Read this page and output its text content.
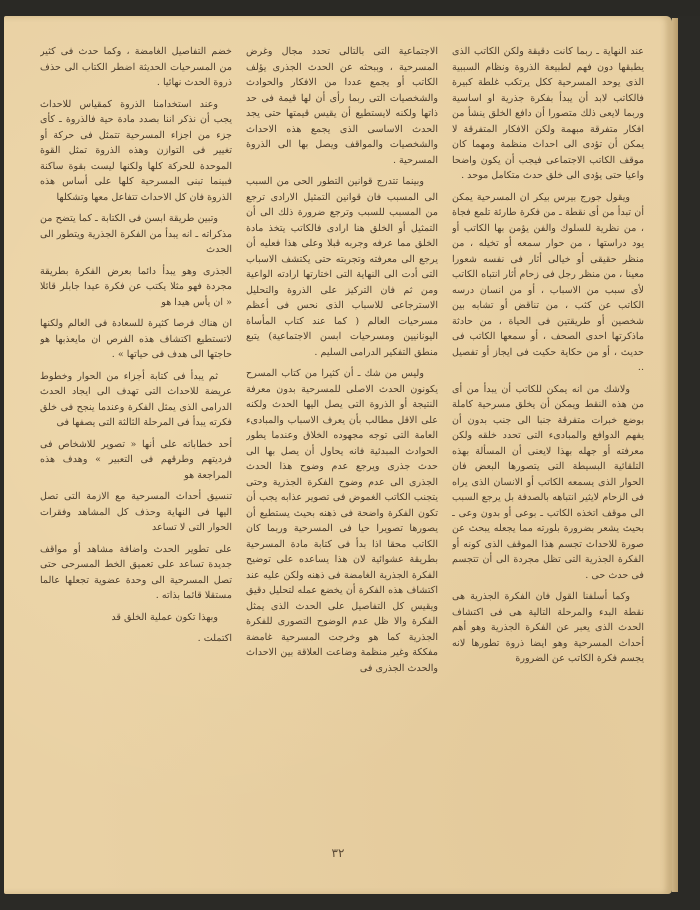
عند النهاية ـ ربما كانت دقيقة ولكن الكاتب الذى يطبقها دون فهم لطبيعة الذروة ونظام السببية الذى يوحد المسرحية ككل يرتكب غلطة كبيرة فالكاتب لابد أن يبدأ بفكرة جذرية او اساسية وربما لايعى ذلك متصورا أن دافع الخلق ينشأ من افكار متفرقة مبهمة ولكن الافكار المتفرقة لا يمكن أن تؤدى الى احداث منظمة ومهما كان موقف الكاتب الاجتماعى فيجب أن يكون واضحا واعيا حتى يؤدى الى خلق حدث متكامل موحد .

ويقول جورج بيرس بيكر ان المسرحية يمكن أن تبدأ من أى نقطة ـ من فكرة طارئة تلمع فجاة ، من نظرية للسلوك والفن يؤمن بها الكاتب أو يود دراستها ، من حوار سمعه أو تخيله ، من منظر حقيقى أو خيالى أثار فى نفسه شعورا معينا ، من منظر رجل فى زحام أثار انتباه الكاتب لأى سبب من الاسباب ، أو من انسان درسه الكاتب عن كثب ، من تناقض أو تشابه بين شخصين أو طريقتين فى الحياة ، من حادثة ماذكرتها احدى الصحف ، أو سمعها الكاتب فى حديث ، أو من حكاية حكيت فى ايجاز أو تفصيل ..

ولاشك من انه يمكن للكاتب أن يبدأ من أى من هذه النقط ويمكن أن يخلق مسرحية كاملة بوضع خبرات متفرقة جنبا الى جنب بدون أن يفهم الدوافع والمبادىء التى تحدد خلقه ولكن معرفته أو جهله بهذا لايعنى أن المسألة بهذه التلقائية البسيطة التى يتصورها البعض فان الحوار الذى يسمعه الكاتب أو الانسان الذى يراه فى الزحام لايثير انتباهه بالصدفة بل يرجع السبب الى موقف اتخذه الكاتب ـ بوعى أو بدون وعى ـ بحيث يشعر بضرورة بلورته مما يجعله يبحث عن صورة للاحداث تجسم هذا الموقف الذى كونه أو الفكرة الجذرية التى تظل مجردة الى أن تتجسم فى حدث حى .

وكما أسلفنا القول فان الفكرة الجذرية هى نقطة البدء والمرحلة التالية هى فى اكتشاف الحدث الذى يعبر عن الفكرة الجذرية وهو أهم أحداث المسرحية وهو ايضا ذروة تطورها لانه يجسم فكرة الكاتب عن الضرورة

الاجتماعية التى بالتالى تحدد مجال وغرض المسرحية ، وببحثه عن الحدث الجذرى يؤلف الكاتب أو يجمع عددا من الافكار والحوادث والشخصيات التى ربما رأى أن لها قيمة فى حد ذاتها ولكنه لايستطيع أن يقيس قيمتها حتى يجد الحدث الاساسى الذى يجمع هذه الاحداث والشخصيات والمواقف ويصل بها الى الذروة المسرحية .

وبينما تتدرج قوانين التطور الحى من السبب الى المسبب فان قوانين التمثيل الارادى ترجع من المسبب للسبب وترجع ضرورة ذلك الى أن التمثيل أو الخلق هنا ارادى فالكاتب يتخذ مادة الخلق مما عرفه وجربه قبلا وعلى هذا فعليه أن يرجع الى معرفته وتجربته حتى يكتشف الاسباب التى أدت الى النهاية التى اختارتها ارادته الواعية ومن ثم فان التركيز على الذروة والتحليل الاسترجاعى للاسباب الذى نحس فى أعظم مسرحيات العالم ( كما عند كتاب المأساة اليونانيين ومسرحيات ابسن الاجتماعية) يتبع منطق التفكير الدرامى السليم .

وليس من شك ـ أن كثيرا من كتاب المسرح يكونون الحدث الاصلى للمسرحية بدون معرفة النتيجة أو الذروة التى يصل اليها الحدث ولكنه على الاقل مطالب بأن يعرف الاسباب والمبادىء العامة التى توجه مجهوده الخلاق وعندما يطور الحوادث المبدئية فانه يحاول أن يصل بها الى حدث جذرى ويرجع عدم وضوح هذا الحدث الجذرى الى عدم وضوح الفكرة الجذرية وحتى يتجنب الكاتب الغموض فى تصوير عذابه يجب أن تكون الفكرة واضحة فى ذهنه بحيث يستطيع أن يصورها تصويرا حيا فى المسرحية وربما كان الكاتب محقا اذا بدأ فى كتابة مادة المسرحية بطريقة عشوائية لان هذا يساعده على توضيح الفكرة الجذرية الغامضة فى ذهنه ولكن عليه عند اكتشاف هذه الفكرة أن يخضع عمله لتحليل دقيق ويقيس كل التفاصيل على الحدث الذى يمثل الفكرة والا ظل عدم الوضوح التصورى للفكرة الجذرية كما هو وخرجت المسرحية غامضة مفككة وغير منظمة وضاعت العلاقة بين الاحداث والحدث الجذرى فى

خضم التفاصيل الغامضة ، وكما حدث فى كثير من المسرحيات الحديثة اضطر الكتاب الى حذف ذروة الحدث نهائيا .

وعند استخدامنا الذروة كمقياس للاحداث يجب أن نذكر اننا بصدد مادة حية فالذروة ـ كأى جزء من اجزاء المسرحية تتمثل فى حركة أو تغيير فى التوازن وهذه الذروة تمثل القوة الموحدة للحركة كلها ولكنها ليست بقوة ساكنة فبينما تبنى المسرحية كلها على أساس هذه الذروة فان كل الاحداث تتفاعل معها وتشكلها

وتبين طريقة ابسن فى الكتابة ـ كما يتضح من مذكراته ـ انه يبدأ من الفكرة الجذرية ويتطور الى الحدث

الجذرى وهو يبدأ دائما بعرض الفكرة بطريقة مجردة فهو مثلا يكتب عن فكرة عيدا جابلر قائلا « ان يأس هيدا هو

ان هناك فرصا كثيرة للسعادة فى العالم ولكنها لاتستطيع اكتشاف هذه الفرص ان مايعذبها هو حاجتها الى هدف فى حياتها » .

ثم يبدأ فى كتابة أجزاء من الحوار وخطوط عريضة للاحداث التى تهدف الى ايجاد الحدث الدرامى الذى يمثل الفكرة وعندما ينجح فى خلق فكرته يبدأ فى المرحلة الثالثة التى يصفها فى

أحد خطاباته على أنها « تصوير للاشخاص فى فرديتهم وطرقهم فى التعبير » وهدف هذه المراجعة هو

تنسيق أحداث المسرحية مع الازمة التى تصل اليها فى النهاية وحذف كل المشاهد وفقرات الحوار التى لا تساعد

على تطوير الحدث واضافة مشاهد أو مواقف جديدة تساعد على تعميق الخط المسرحى حتى تصل المسرحية الى وحدة عضوية تجعلها عالما مستقلا قائما بذاته .

وبهذا تكون عملية الخلق قد

اكتملت .

٣٢
